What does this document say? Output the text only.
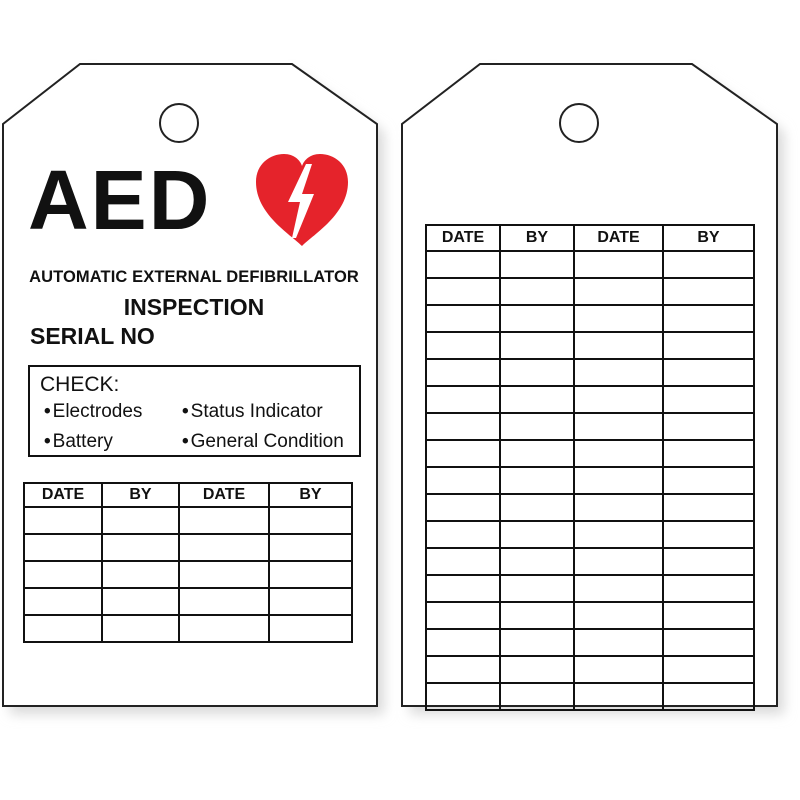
AED

AUTOMATIC EXTERNAL DEFIBRILLATOR

INSPECTION

SERIAL NO

CHECK:

• Electrodes • Status Indicator
• Battery	• General Condition
DATE	BY	DATE	BY

DATE	BY	DATE	BY
